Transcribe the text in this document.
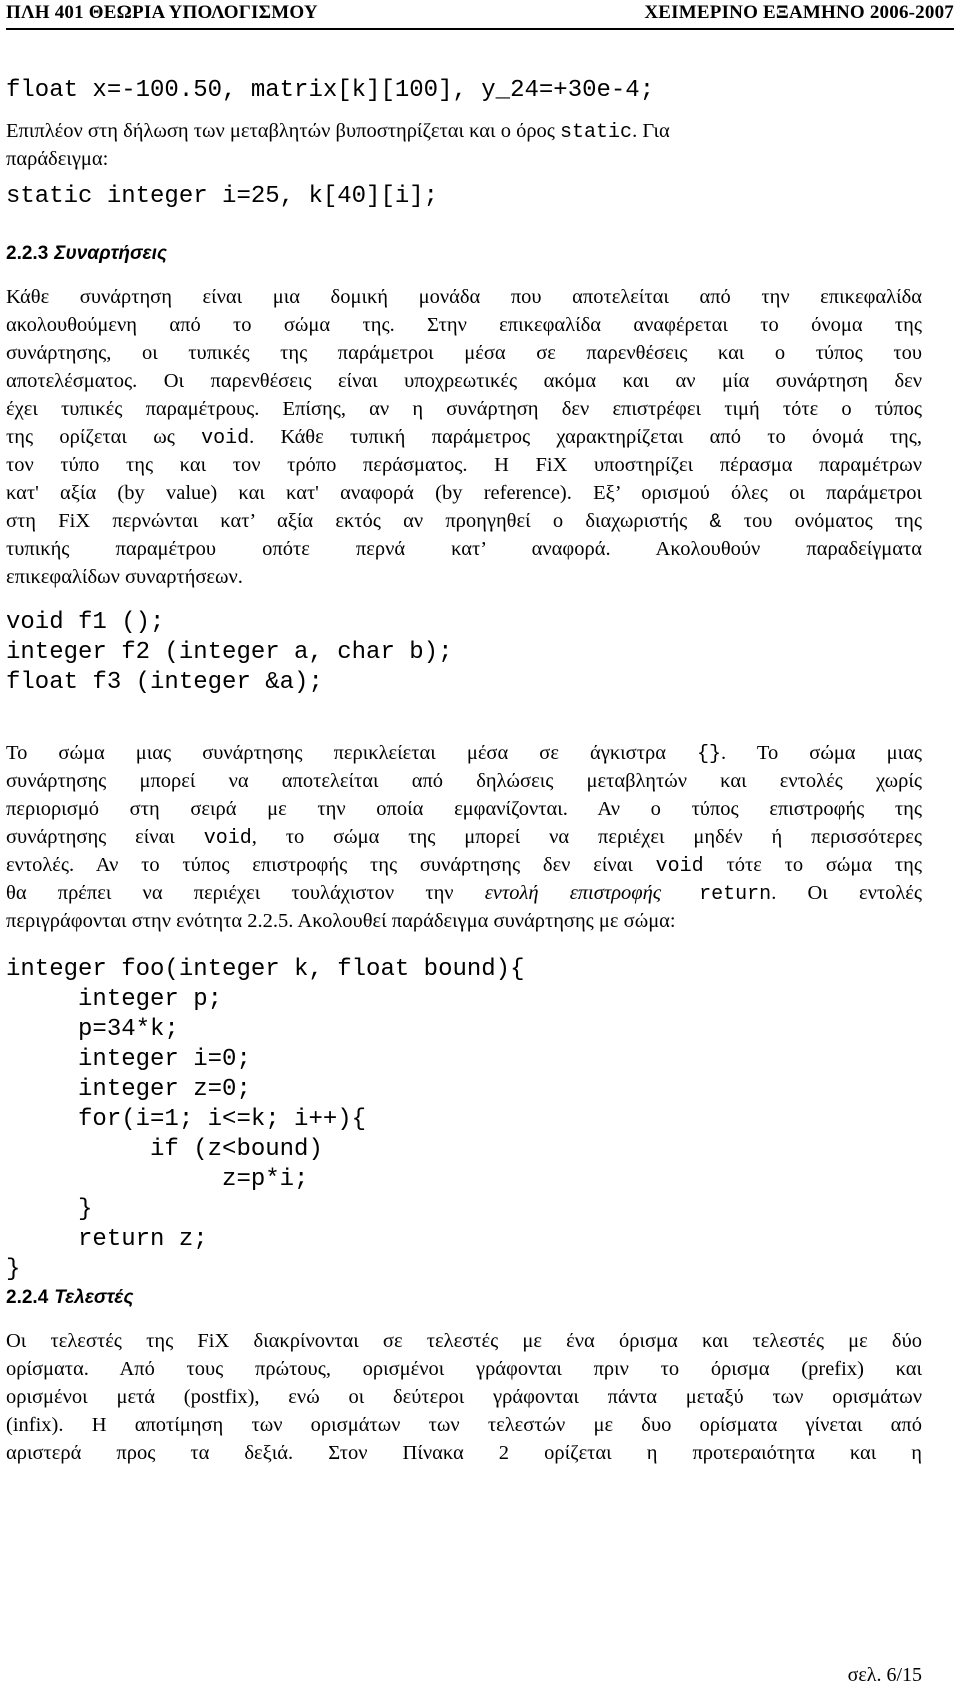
ΠΛΗ 401 ΘΕΩΡΙΑ ΥΠΟΛΟΓΙΣΜΟΥ	ΧΕΙΜΕΡΙΝΟ ΕΞΑΜΗΝΟ 2006-2007
float x=-100.50, matrix[k][100], y_24=+30e-4;
Επιπλέον στη δήλωση των μεταβλητών βυποστηρίζεται και ο όρος static. Για
παράδειγμα:
static integer i=25, k[40][i];
2.2.3 Συναρτήσεις
Κάθε συνάρτηση είναι μια δομική μονάδα που αποτελείται από την επικεφαλίδα
ακολουθούμενη από το σώμα της. Στην επικεφαλίδα αναφέρεται το όνομα της
συνάρτησης, οι τυπικές της παράμετροι μέσα σε παρενθέσεις και ο τύπος του
αποτελέσματος. Οι παρενθέσεις είναι υποχρεωτικές ακόμα και αν μία συνάρτηση δεν
έχει τυπικές παραμέτρους. Επίσης, αν η συνάρτηση δεν επιστρέφει τιμή τότε ο τύπος
της ορίζεται ως void. Κάθε τυπική παράμετρος χαρακτηρίζεται από το όνομά της,
τον τύπο της και τον τρόπο περάσματος. Η FiX υποστηρίζει πέρασμα παραμέτρων
κατ' αξία (by value) και κατ' αναφορά (by reference). Εξ’ ορισμού όλες οι παράμετροι
στη FiX περνώνται κατ’ αξία εκτός αν προηγηθεί ο διαχωριστής & του ονόματος της
τυπικής παραμέτρου οπότε περνά κατ’ αναφορά. Ακολουθούν παραδείγματα
επικεφαλίδων συναρτήσεων.
void f1 ();
integer f2 (integer a, char b);
float f3 (integer &a);
Το σώμα μιας συνάρτησης περικλείεται μέσα σε άγκιστρα {}. Το σώμα μιας
συνάρτησης μπορεί να αποτελείται από δηλώσεις μεταβλητών και εντολές χωρίς
περιορισμό στη σειρά με την οποία εμφανίζονται. Αν ο τύπος επιστροφής της
συνάρτησης είναι void, το σώμα της μπορεί να περιέχει μηδέν ή περισσότερες
εντολές. Αν το τύπος επιστροφής της συνάρτησης δεν είναι void τότε το σώμα της
θα πρέπει να περιέχει τουλάχιστον την εντολή επιστροφής return. Οι εντολές
περιγράφονται στην ενότητα 2.2.5. Ακολουθεί παράδειγμα συνάρτησης με σώμα:
integer foo(integer k, float bound){
integer p;
p=34*k;
integer i=0;
integer z=0;
for(i=1; i<=k; i++){
if (z<bound)
z=p*i;
}
return z;
}
2.2.4 Τελεστές
Οι τελεστές της FiX διακρίνονται σε τελεστές με ένα όρισμα και τελεστές με δύο
ορίσματα. Από τους πρώτους, ορισμένοι γράφονται πριν το όρισμα (prefix) και
ορισμένοι μετά (postfix), ενώ οι δεύτεροι γράφονται πάντα μεταξύ των ορισμάτων
(infix). Η αποτίμηση των ορισμάτων των τελεστών με δυο ορίσματα γίνεται από
αριστερά προς τα δεξιά. Στον Πίνακα 2 ορίζεται η προτεραιότητα και η
σελ. 6/15
